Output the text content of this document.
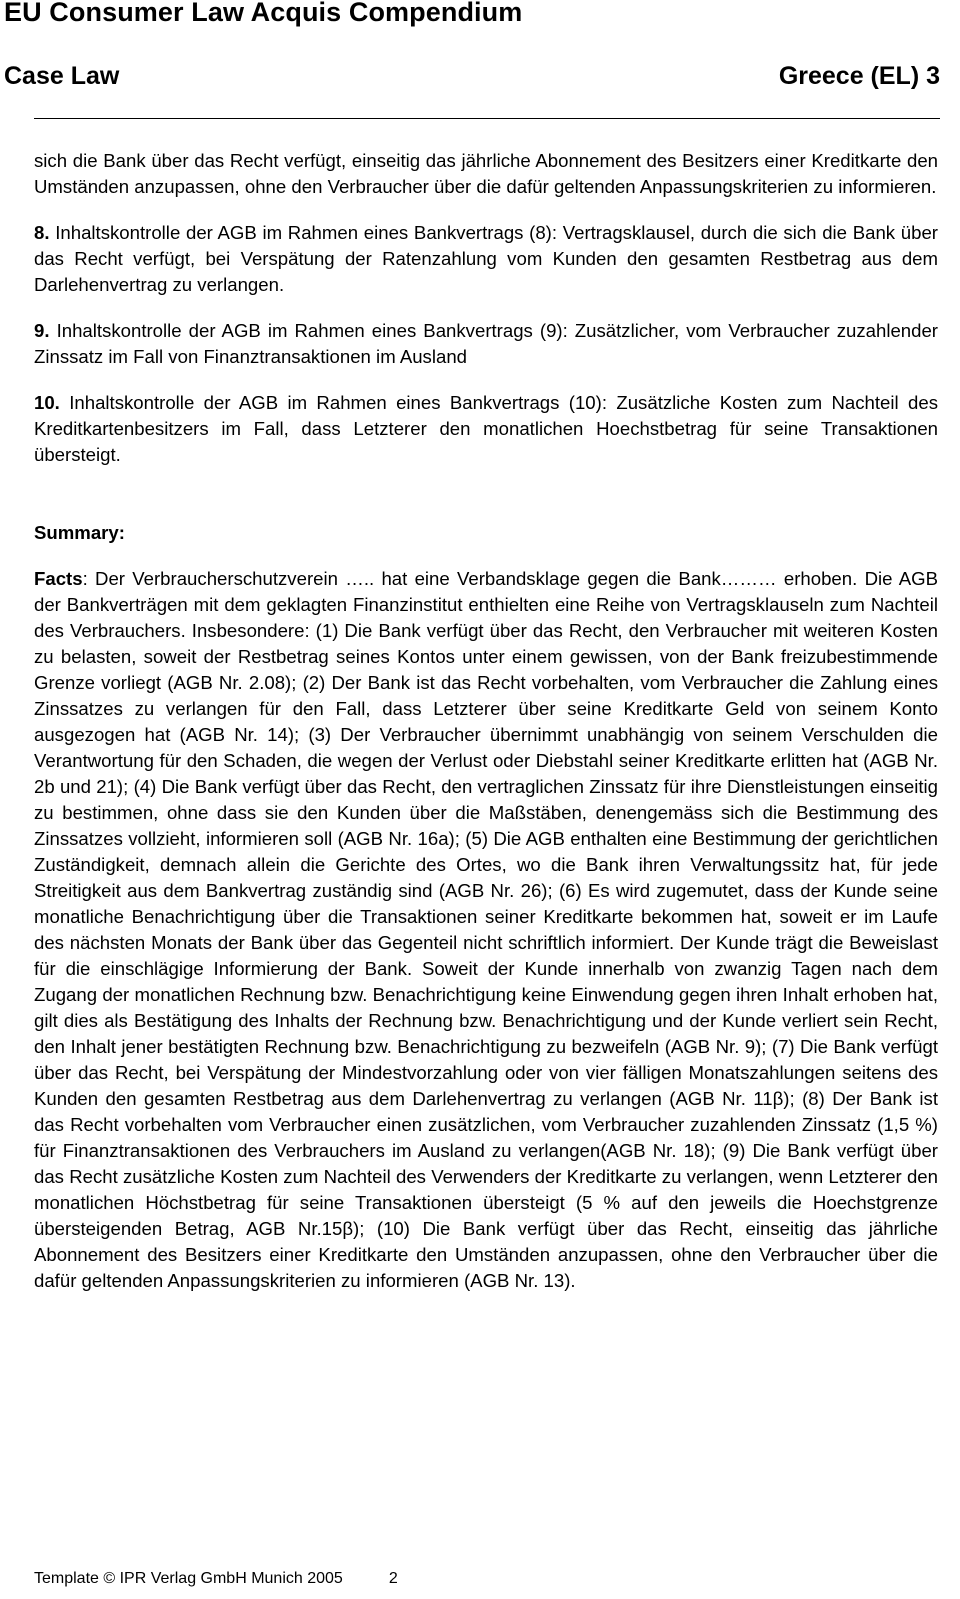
EU Consumer Law Acquis Compendium
Case Law	Greece (EL) 3

sich die Bank über das Recht verfügt, einseitig das jährliche Abonnement des Besitzers einer Kreditkarte den Umständen anzupassen, ohne den Verbraucher über die dafür geltenden Anpassungskriterien zu informieren.

8. Inhaltskontrolle der AGB im Rahmen eines Bankvertrags (8): Vertragsklausel, durch die sich die Bank über das Recht verfügt, bei Verspätung der Ratenzahlung vom Kunden den gesamten Restbetrag aus dem Darlehenvertrag zu verlangen.

9. Inhaltskontrolle der AGB im Rahmen eines Bankvertrags (9): Zusätzlicher, vom Verbraucher zuzahlender Zinssatz im Fall von Finanztransaktionen im Ausland

10. Inhaltskontrolle der AGB im Rahmen eines Bankvertrags (10): Zusätzliche Kosten zum Nachteil des Kreditkartenbesitzers im Fall, dass Letzterer den monatlichen Hoechstbetrag für seine Transaktionen übersteigt.

Summary:

Facts: Der Verbraucherschutzverein ….. hat eine Verbandsklage gegen die Bank……… erhoben. Die AGB der Bankverträgen mit dem geklagten Finanzinstitut enthielten eine Reihe von Vertragsklauseln zum Nachteil des Verbrauchers. Insbesondere: (1) Die Bank verfügt über das Recht, den Verbraucher mit weiteren Kosten zu belasten, soweit der Restbetrag seines Kontos unter einem gewissen, von der Bank freizubestimmende Grenze vorliegt (AGB Nr. 2.08); (2) Der Bank ist das Recht vorbehalten, vom Verbraucher die Zahlung eines Zinssatzes zu verlangen für den Fall, dass Letzterer über seine Kreditkarte Geld von seinem Konto ausgezogen hat (AGB Nr. 14); (3) Der Verbraucher übernimmt unabhängig von seinem Verschulden die Verantwortung für den Schaden, die wegen der Verlust oder Diebstahl seiner Kreditkarte erlitten hat (AGB Nr. 2b und 21); (4) Die Bank verfügt über das Recht, den vertraglichen Zinssatz für ihre Dienstleistungen einseitig zu bestimmen, ohne dass sie den Kunden über die Maßstäben, denengemäss sich die Bestimmung des Zinssatzes vollzieht, informieren soll (AGB Nr. 16a); (5) Die AGB enthalten eine Bestimmung der gerichtlichen Zuständigkeit, demnach allein die Gerichte des Ortes, wo die Bank ihren Verwaltungssitz hat, für jede Streitigkeit aus dem Bankvertrag zuständig sind (AGB Nr. 26); (6) Es wird zugemutet, dass der Kunde seine monatliche Benachrichtigung über die Transaktionen seiner Kreditkarte bekommen hat, soweit er im Laufe des nächsten Monats der Bank über das Gegenteil nicht schriftlich informiert. Der Kunde trägt die Beweislast für die einschlägige Informierung der Bank. Soweit der Kunde innerhalb von zwanzig Tagen nach dem Zugang der monatlichen Rechnung bzw. Benachrichtigung keine Einwendung gegen ihren Inhalt erhoben hat, gilt dies als Bestätigung des Inhalts der Rechnung bzw. Benachrichtigung und der Kunde verliert sein Recht, den Inhalt jener bestätigten Rechnung bzw. Benachrichtigung zu bezweifeln (AGB Nr. 9); (7) Die Bank verfügt über das Recht, bei Verspätung der Mindestvorzahlung oder von vier fälligen Monatszahlungen seitens des Kunden den gesamten Restbetrag aus dem Darlehenvertrag zu verlangen (AGB Nr. 11β); (8) Der Bank ist das Recht vorbehalten vom Verbraucher einen zusätzlichen, vom Verbraucher zuzahlenden Zinssatz (1,5 %) für Finanztransaktionen des Verbrauchers im Ausland zu verlangen(AGB Nr. 18); (9) Die Bank verfügt über das Recht zusätzliche Kosten zum Nachteil des Verwenders der Kreditkarte zu verlangen, wenn Letzterer den monatlichen Höchstbetrag für seine Transaktionen übersteigt (5 % auf den jeweils die Hoechstgrenze übersteigenden Betrag, AGB Nr.15β); (10) Die Bank verfügt über das Recht, einseitig das jährliche Abonnement des Besitzers einer Kreditkarte den Umständen anzupassen, ohne den Verbraucher über die dafür geltenden Anpassungskriterien zu informieren (AGB Nr. 13).

Template © IPR Verlag GmbH Munich 2005	2
